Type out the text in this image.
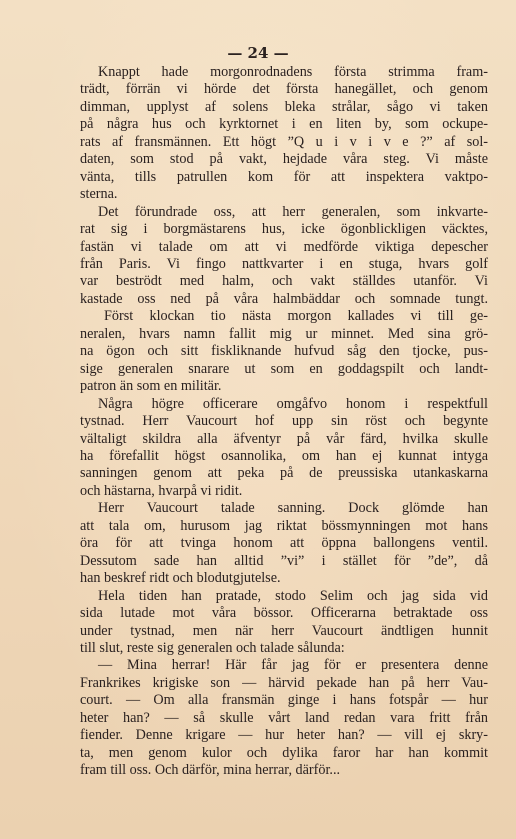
— 24 —
Knappt hade morgonrodnadens första strimma fram-
trädt, förrän vi hörde det första hanegället, och genom
dimman, upplyst af solens bleka strålar, sågo vi taken
på några hus och kyrktornet i en liten by, som ockupe-
rats af fransmännen. Ett högt ”Q u i v i v e ?” af sol-
daten, som stod på vakt, hejdade våra steg. Vi måste
vänta, tills patrullen kom för att inspektera vaktpo-
sterna.
Det förundrade oss, att herr generalen, som inkvarte-
rat sig i borgmästarens hus, icke ögonblickligen väcktes,
fastän vi talade om att vi medförde viktiga depescher
från Paris. Vi fingo nattkvarter i en stuga, hvars golf
var beströdt med halm, och vakt ställdes utanför. Vi
kastade oss ned på våra halmbäddar och somnade tungt.
Först klockan tio nästa morgon kallades vi till ge-
neralen, hvars namn fallit mig ur minnet. Med sina grö-
na ögon och sitt fiskliknande hufvud såg den tjocke, pus-
sige generalen snarare ut som en goddagspilt och landt-
patron än som en militär.
Några högre officerare omgåfvo honom i respektfull
tystnad. Herr Vaucourt hof upp sin röst och begynte
vältaligt skildra alla äfventyr på vår färd, hvilka skulle
ha förefallit högst osannolika, om han ej kunnat intyga
sanningen genom att peka på de preussiska utankaskarna
och hästarna, hvarpå vi ridit.
Herr Vaucourt talade sanning. Dock glömde han
att tala om, hurusom jag riktat bössmynningen mot hans
öra för att tvinga honom att öppna ballongens ventil.
Dessutom sade han alltid ”vi” i stället för ”de”, då
han beskref ridt och blodutgjutelse.
Hela tiden han pratade, stodo Selim och jag sida vid
sida lutade mot våra bössor. Officerarna betraktade oss
under tystnad, men när herr Vaucourt ändtligen hunnit
till slut, reste sig generalen och talade sålunda:
— Mina herrar! Här får jag för er presentera denne
Frankrikes krigiske son — härvid pekade han på herr Vau-
court. — Om alla fransmän ginge i hans fotspår — hur
heter han? — så skulle vårt land redan vara fritt från
fiender. Denne krigare — hur heter han? — vill ej skry-
ta, men genom kulor och dylika faror har han kommit
fram till oss. Och därför, mina herrar, därför...
